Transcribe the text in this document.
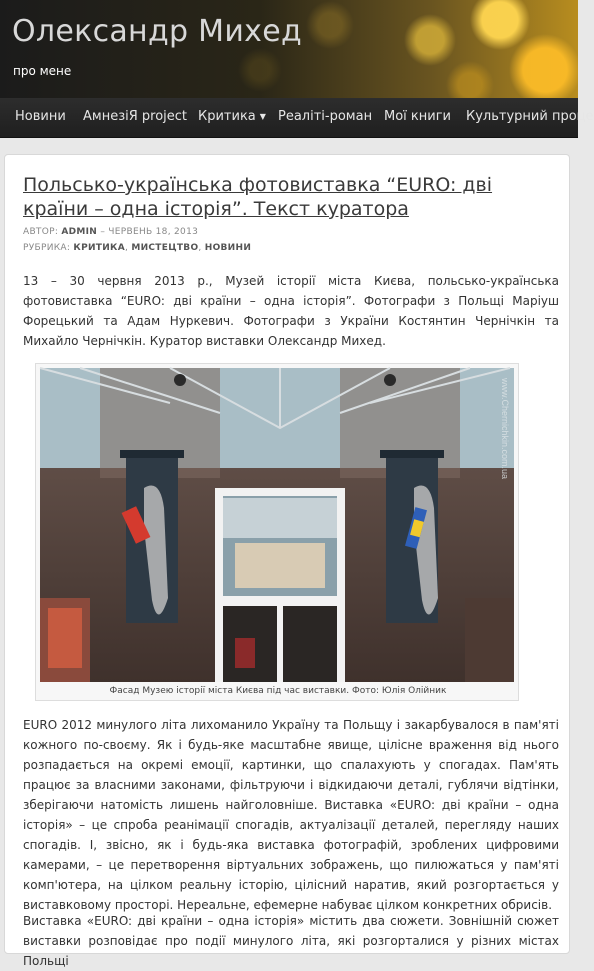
Олександр Михед
про мене
Новини АмнезіЯ project Критика ▼ Реаліті-роман Мої книги Культурний проце
Польсько-українська фотовиставка “EURO: дві країни – одна історія”. Текст куратора
АВТОР: ADMIN – ЧЕРВЕНЬ 18, 2013
РУБРИКА: КРИТИКА, МИСТЕЦТВО, НОВИНИ
13 – 30 червня 2013 р., Музей історії міста Києва, польсько-українська фотовиставка “EURO: дві країни – одна історія”. Фотографи з Польщі Маріуш Форецький та Адам Нуркевич. Фотографи з України Костянтин Чернічкін та Михайло Чернічкін. Куратор виставки Олександр Михед.
www.Chernichkin.com.ua
Фасад Музею історії міста Києва під час виставки. Фото: Юлія Олійник
EURO 2012 минулого літа лихоманило Україну та Польщу і закарбувалося в пам'яті кожного по-своєму. Як і будь-яке масштабне явище, цілісне враження від нього розпадається на окремі емоції, картинки, що спалахують у спогадах. Пам'ять працює за власними законами, фільтруючи і відкидаючи деталі, гублячи відтінки, зберігаючи натомість лишень найголовніше. Виставка «EURO: дві країни – одна історія» – це спроба реанімації спогадів, актуалізації деталей, перегляду наших спогадів. І, звісно, як і будь-яка виставка фотографій, зроблених цифровими камерами, – це перетворення віртуальних зображень, що пилюжаться у пам'яті комп'ютера, на цілком реальну історію, цілісний наратив, який розгортається у виставковому просторі. Нереальне, ефемерне набуває цілком конкретних обрисів.
Виставка «EURO: дві країни – одна історія» містить два сюжети. Зовнішній сюжет виставки розповідає про події минулого літа, які розгорталися у різних містах Польщі
